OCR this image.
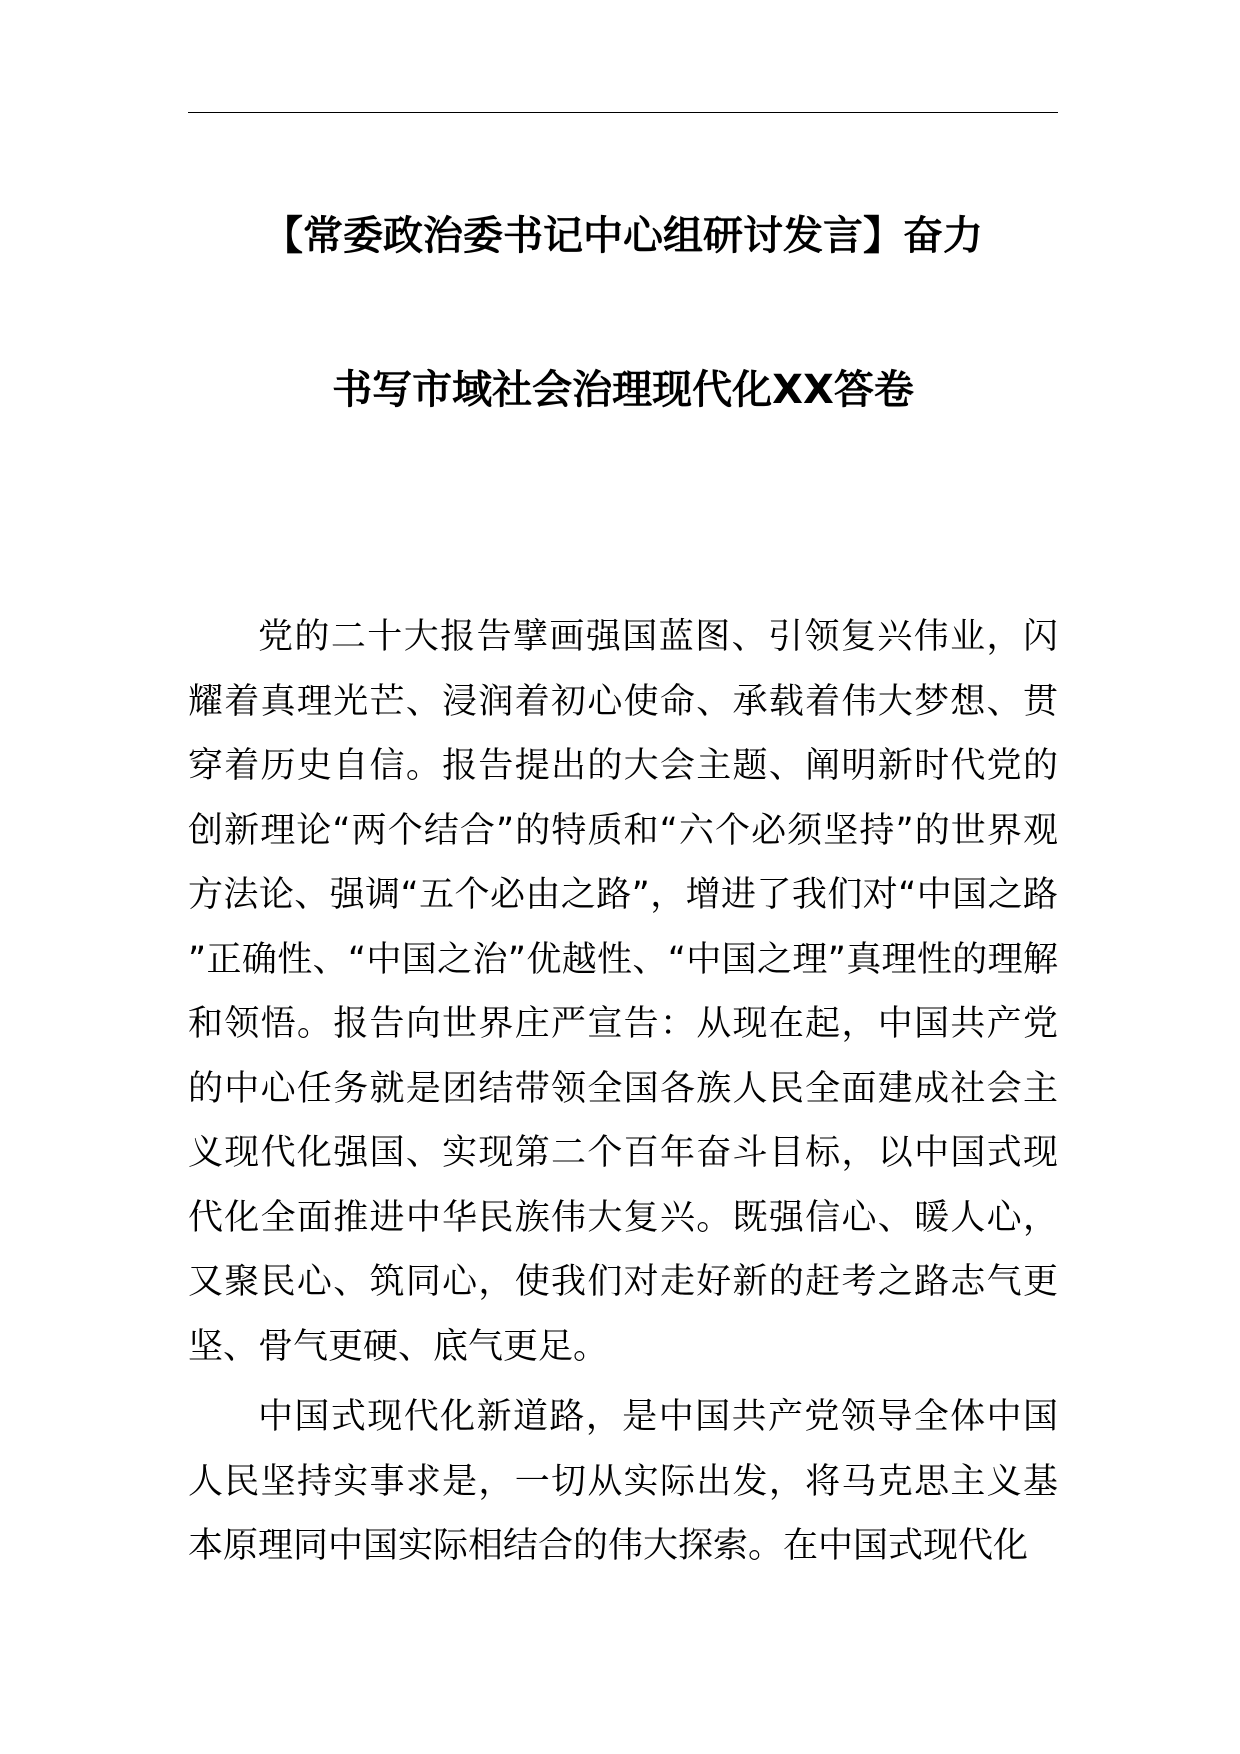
【常委政治委书记中心组研讨发言】奋力
书写市域社会治理现代化XX答卷

党的二十大报告擘画强国蓝图、引领复兴伟业，闪耀着真理光芒、浸润着初心使命、承载着伟大梦想、贯穿着历史自信。报告提出的大会主题、阐明新时代党的创新理论“两个结合”的特质和“六个必须坚持”的世界观方法论、强调“五个必由之路”，增进了我们对“中国之路”正确性、“中国之治”优越性、“中国之理”真理性的理解和领悟。报告向世界庄严宣告：从现在起，中国共产党的中心任务就是团结带领全国各族人民全面建成社会主义现代化强国、实现第二个百年奋斗目标，以中国式现代化全面推进中华民族伟大复兴。既强信心、暖人心，又聚民心、筑同心，使我们对走好新的赶考之路志气更坚、骨气更硬、底气更足。

中国式现代化新道路，是中国共产党领导全体中国人民坚持实事求是，一切从实际出发，将马克思主义基本原理同中国实际相结合的伟大探索。在中国式现代化
